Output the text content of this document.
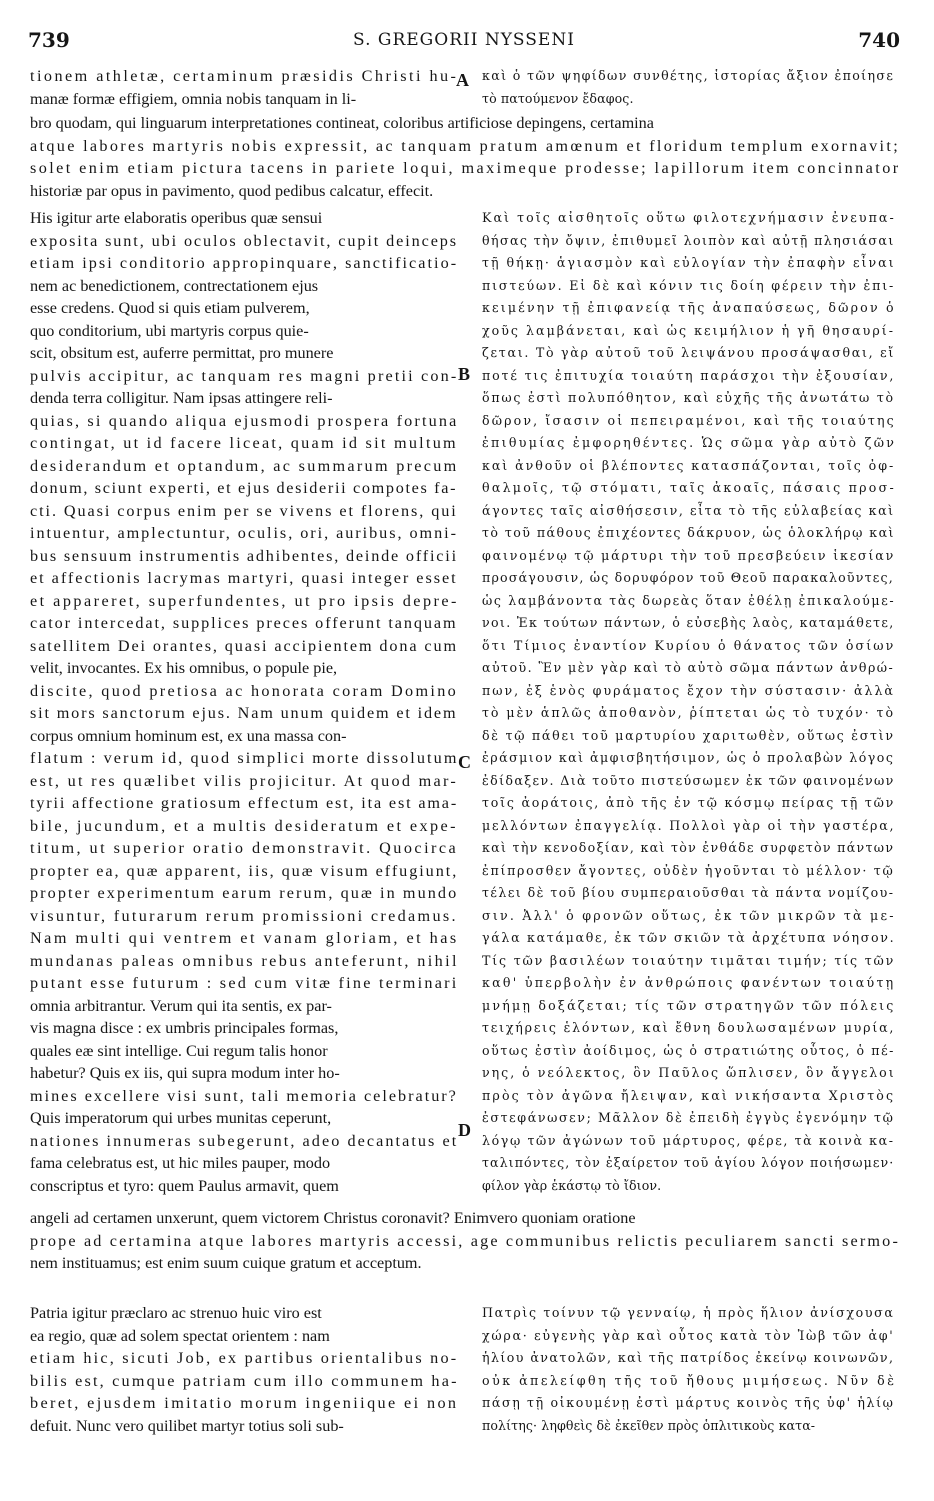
739	S. GREGORII NYSSENI	740
tionem athletæ, certaminum præsidis Christi hu-
manæ formæ effigiem, omnia nobis tanquam in li-
καὶ ὁ τῶν ψηφίδων συνθέτης, ἱστορίας ἄξιον ἐποίησε
τὸ πατούμενον ἔδαφος.
bro quodam, qui linguarum interpretationes contineat, coloribus artificiose depingens, certamina
atque labores martyris nobis expressit, ac tanquam pratum amœnum et floridum templum exornavit;
solet enim etiam pictura tacens in pariete loqui, maximeque prodesse; lapillorum item concinnator
historiæ par opus in pavimento, quod pedibus calcatur, effecit.
His igitur arte elaboratis operibus quæ sensui
exposita sunt, ubi oculos oblectavit, cupit deinceps
etiam ipsi conditorio appropinquare, sanctificatio-
nem ac benedictionem, contrectationem ejus
esse credens. Quod si quis etiam pulverem,
quo conditorium, ubi martyris corpus quie-
scit, obsitum est, auferre permittat, pro munere
pulvis accipitur, ac tanquam res magni pretii con-
denda terra colligitur. Nam ipsas attingere reli-
quias, si quando aliqua ejusmodi prospera fortuna
contingat, ut id facere liceat, quam id sit multum
desiderandum et optandum, ac summarum precum
donum, sciunt experti, et ejus desiderii compotes fa-
cti. Quasi corpus enim per se vivens et florens, qui
intuentur, amplectuntur, oculis, ori, auribus, omni-
bus sensuum instrumentis adhibentes, deinde officii
et affectionis lacrymas martyri, quasi integer esset
et appareret, superfundentes, ut pro ipsis depre-
cator intercedat, supplices preces offerunt tanquam
satellitem Dei orantes, quasi accipientem dona cum
velit, invocantes. Ex his omnibus, o popule pie,
discite, quod pretiosa ac honorata coram Domino
sit mors sanctorum ejus. Nam unum quidem et idem
corpus omnium hominum est, ex una massa con-
flatum : verum id, quod simplici morte dissolutum
est, ut res quælibet vilis projicitur. At quod mar-
tyrii affectione gratiosum effectum est, ita est ama-
bile, jucundum, et a multis desideratum et expe-
titum, ut superior oratio demonstravit. Quocirca
propter ea, quæ apparent, iis, quæ visum effugiunt,
propter experimentum earum rerum, quæ in mundo
visuntur, futurarum rerum promissioni credamus.
Nam multi qui ventrem et vanam gloriam, et has
mundanas paleas omnibus rebus anteferunt, nihil
putant esse futurum : sed cum vitæ fine terminari
omnia arbitrantur. Verum qui ita sentis, ex par-
vis magna disce : ex umbris principales formas,
quales eæ sint intellige. Cui regum talis honor
habetur? Quis ex iis, qui supra modum inter ho-
mines excellere visi sunt, tali memoria celebratur?
Quis imperatorum qui urbes munitas ceperunt,
nationes innumeras subegerunt, adeo decantatus et
fama celebratus est, ut hic miles pauper, modo
conscriptus et tyro: quem Paulus armavit, quem
Καὶ τοῖς αἰσθητοῖς οὕτω φιλοτεχνήμασιν ἐνευπα-
θήσας τὴν ὄψιν, ἐπιθυμεῖ λοιπὸν καὶ αὐτῇ πλησιάσαι
τῇ θήκῃ· ἁγιασμὸν καὶ εὐλογίαν τὴν ἐπαφὴν εἶναι
πιστεύων. Εἰ δὲ καὶ κόνιν τις δοίη φέρειν τὴν ἐπι-
κειμένην τῇ ἐπιφανείᾳ τῆς ἀναπαύσεως, δῶρον ὁ
χοῦς λαμβάνεται, καὶ ὡς κειμήλιον ἡ γῆ θησαυρί-
ζεται. Τὸ γὰρ αὐτοῦ τοῦ λειψάνου προσάψασθαι, εἴ
ποτέ τις ἐπιτυχία τοιαύτη παράσχοι τὴν ἐξουσίαν,
ὅπως ἐστὶ πολυπόθητον, καὶ εὐχῆς τῆς ἀνωτάτω τὸ
δῶρον, ἴσασιν οἱ πεπειραμένοι, καὶ τῆς τοιαύτης
ἐπιθυμίας ἐμφορηθέντες. Ὡς σῶμα γὰρ αὐτὸ ζῶν
καὶ ἀνθοῦν οἱ βλέποντες κατασπάζονται, τοῖς ὀφ-
θαλμοῖς, τῷ στόματι, ταῖς ἀκοαῖς, πάσαις προσ-
άγοντες ταῖς αἰσθήσεσιν, εἶτα τὸ τῆς εὐλαβείας καὶ
τὸ τοῦ πάθους ἐπιχέοντες δάκρυον, ὡς ὁλοκλήρῳ καὶ
φαινομένῳ τῷ μάρτυρι τὴν τοῦ πρεσβεύειν ἱκεσίαν
προσάγουσιν, ὡς δορυφόρον τοῦ Θεοῦ παρακαλοῦντες,
ὡς λαμβάνοντα τὰς δωρεὰς ὅταν ἐθέλῃ ἐπικαλούμε-
νοι. Ἐκ τούτων πάντων, ὁ εὐσεβὴς λαὸς, καταμάθετε,
ὅτι Τίμιος ἐναντίον Κυρίου ὁ θάνατος τῶν ὁσίων
αὐτοῦ. Ἓν μὲν γὰρ καὶ τὸ αὐτὸ σῶμα πάντων ἀνθρώ-
πων, ἐξ ἑνὸς φυράματος ἔχον τὴν σύστασιν· ἀλλὰ
τὸ μὲν ἁπλῶς ἀποθανὸν, ῥίπτεται ὡς τὸ τυχόν· τὸ
δὲ τῷ πάθει τοῦ μαρτυρίου χαριτωθὲν, οὕτως ἐστὶν
ἐράσμιον καὶ ἀμφισβητήσιμον, ὡς ὁ προλαβὼν λόγος
ἐδίδαξεν. Διὰ τοῦτο πιστεύσωμεν ἐκ τῶν φαινομένων
τοῖς ἀοράτοις, ἀπὸ τῆς ἐν τῷ κόσμῳ πείρας τῇ τῶν
μελλόντων ἐπαγγελίᾳ. Πολλοὶ γὰρ οἱ τὴν γαστέρα,
καὶ τὴν κενοδοξίαν, καὶ τὸν ἐνθάδε συρφετὸν πάντων
ἐπίπροσθεν ἄγοντες, οὐδὲν ἡγοῦνται τὸ μέλλον· τῷ
τέλει δὲ τοῦ βίου συμπεραιοῦσθαι τὰ πάντα νομίζου-
σιν. Ἀλλ' ὁ φρονῶν οὕτως, ἐκ τῶν μικρῶν τὰ με-
γάλα κατάμαθε, ἐκ τῶν σκιῶν τὰ ἀρχέτυπα νόησον.
Τίς τῶν βασιλέων τοιαύτην τιμᾶται τιμήν; τίς τῶν
καθ' ὑπερβολὴν ἐν ἀνθρώποις φανέντων τοιαύτῃ
μνήμῃ δοξάζεται; τίς τῶν στρατηγῶν τῶν πόλεις
τειχήρεις ἑλόντων, καὶ ἔθνη δουλωσαμένων μυρία,
οὕτως ἐστὶν ἀοίδιμος, ὡς ὁ στρατιώτης οὗτος, ὁ πέ-
νης, ὁ νεόλεκτος, ὃν Παῦλος ὥπλισεν, ὃν ἄγγελοι
πρὸς τὸν ἀγῶνα ἤλειψαν, καὶ νικήσαντα Χριστὸς
ἐστεφάνωσεν; Μᾶλλον δὲ ἐπειδὴ ἐγγὺς ἐγενόμην τῷ
λόγῳ τῶν ἀγώνων τοῦ μάρτυρος, φέρε, τὰ κοινὰ κα-
ταλιπόντες, τὸν ἐξαίρετον τοῦ ἁγίου λόγον ποιήσωμεν·
φίλον γὰρ ἑκάστῳ τὸ ἴδιον.
angeli ad certamen unxerunt, quem victorem Christus coronavit? Enimvero quoniam oratione
prope ad certamina atque labores martyris accessi, age communibus relictis peculiarem sancti sermo-
nem instituamus; est enim suum cuique gratum et acceptum.
Patria igitur præclaro ac strenuo huic viro est
ea regio, quæ ad solem spectat orientem : nam
etiam hic, sicuti Job, ex partibus orientalibus no-
bilis est, cumque patriam cum illo communem ha-
beret, ejusdem imitatio morum ingeniique ei non
defuit. Nunc vero quilibet martyr totius soli sub-
Πατρὶς τοίνυν τῷ γενναίῳ, ἡ πρὸς ἥλιον ἀνίσχουσα
χώρα· εὐγενὴς γὰρ καὶ οὗτος κατὰ τὸν Ἰὼβ τῶν ἀφ'
ἡλίου ἀνατολῶν, καὶ τῆς πατρίδος ἐκείνῳ κοινωνῶν,
οὐκ ἀπελείφθη τῆς τοῦ ἤθους μιμήσεως. Νῦν δὲ
πάσῃ τῇ οἰκουμένῃ ἐστὶ μάρτυς κοινὸς τῆς ὑφ' ἡλίῳ
πολίτης· ληφθεὶς δὲ ἐκεῖθεν πρὸς ὁπλιτικοὺς κατα-
A
B
C
D
